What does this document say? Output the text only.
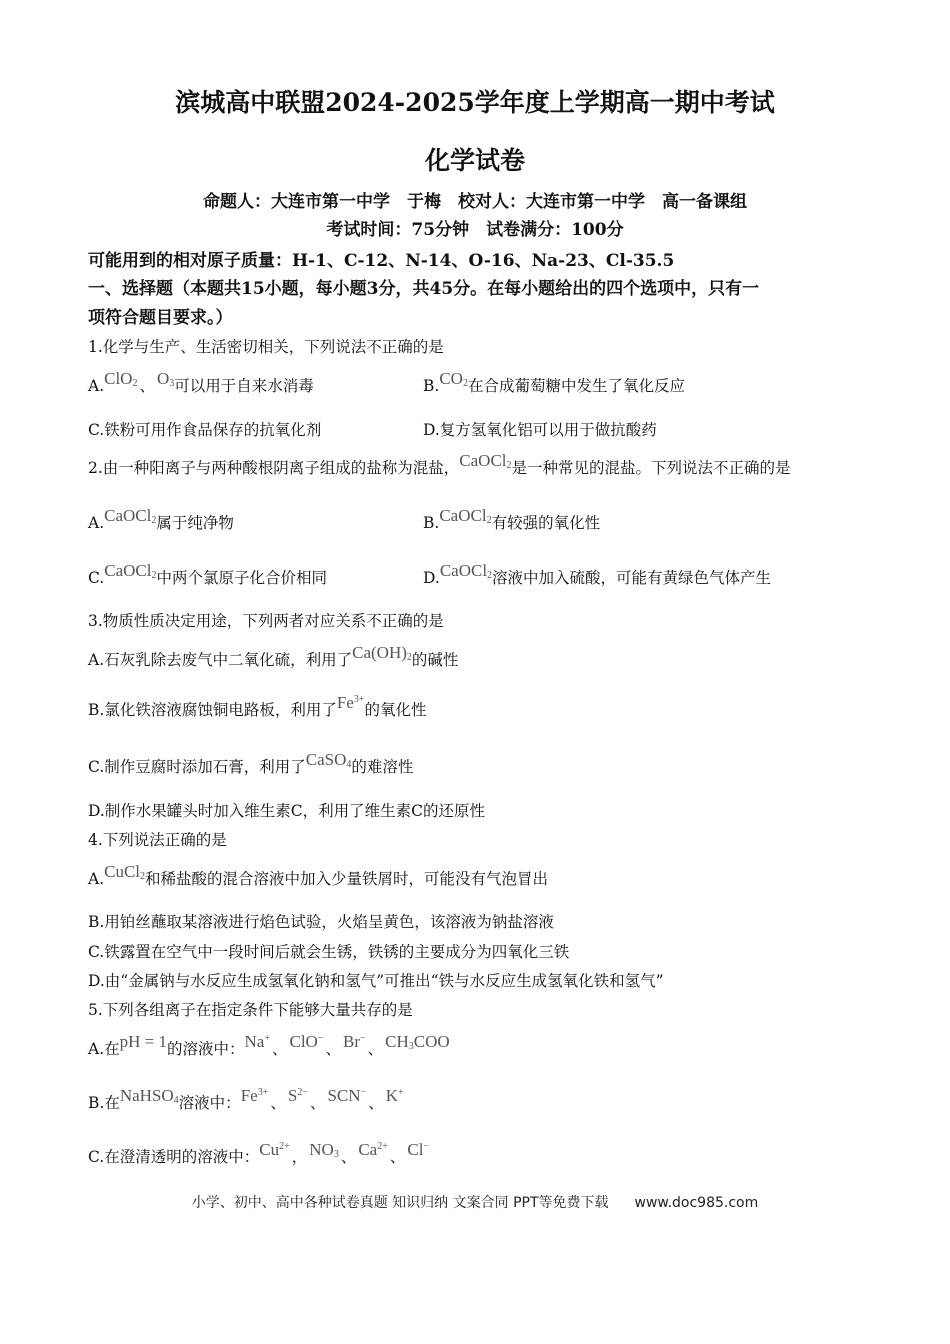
滨城高中联盟2024-2025学年度上学期高一期中考试
化学试卷
命题人：大连市第一中学　于梅　校对人：大连市第一中学　高一备课组
考试时间：75分钟　试卷满分：100分
可能用到的相对原子质量：H-1、C-12、N-14、O-16、Na-23、Cl-35.5
一、选择题（本题共15小题，每小题3分，共45分。在每小题给出的四个选项中，只有一
项符合题目要求。）
1.化学与生产、生活密切相关，下列说法不正确的是
A.ClO$_2$ 、 $O_3$可以用于自来水消毒	$B.CO_2$在合成葡萄糖中发生了氧化反应
C.铁粉可用作食品保存的抗氧化剂	D.复方氢氧化铝可以用于做抗酸药
2.由一种阳离子与两种酸根阴离子组成的盐称为混盐，CaOCl$_2$是一种常见的混盐。下列说法不正确的是
A.CaOCl$_2$属于纯净物	B.CaOCl$_2$有较强的氧化性
C.CaOCl$_2$中两个氯原子化合价相同	D.CaOCl$_2$溶液中加入硫酸，可能有黄绿色气体产生
3.物质性质决定用途，下列两者对应关系不正确的是
A.石灰乳除去废气中二氧化硫，利用了$Ca(OH)_2$的碱性
B.氯化铁溶液腐蚀铜电路板，利用了$Fe^{3+}$的氧化性
C.制作豆腐时添加石膏，利用了CaSO$_4$的难溶性
D.制作水果罐头时加入维生素C，利用了维生素C的还原性
4.下列说法正确的是
A.CuCl$_2$和稀盐酸的混合溶液中加入少量铁屑时，可能没有气泡冒出
B.用铂丝蘸取某溶液进行焰色试验，火焰呈黄色，该溶液为钠盐溶液
C.铁露置在空气中一段时间后就会生锈，铁锈的主要成分为四氧化三铁
D.由“金属钠与水反应生成氢氧化钠和氢气”可推出“铁与水反应生成氢氧化铁和氢气”
5.下列各组离子在指定条件下能够大量共存的是
A.在pH = 1的溶液中：Na+、 ClO−、 Br−、 $CH_3COO$
B.在NaHSO$_4$溶液中：$Fe^{3+}$、 $S^{2-}$、 SCN−、 K+
C.在澄清透明的溶液中：$Cu^{2+}$， $NO_3$ 、 $Ca^{2+}$、 Cl−
小学、初中、高中各种试卷真题 知识归纳 文案合同 PPT等免费下载 www.doc985.com
